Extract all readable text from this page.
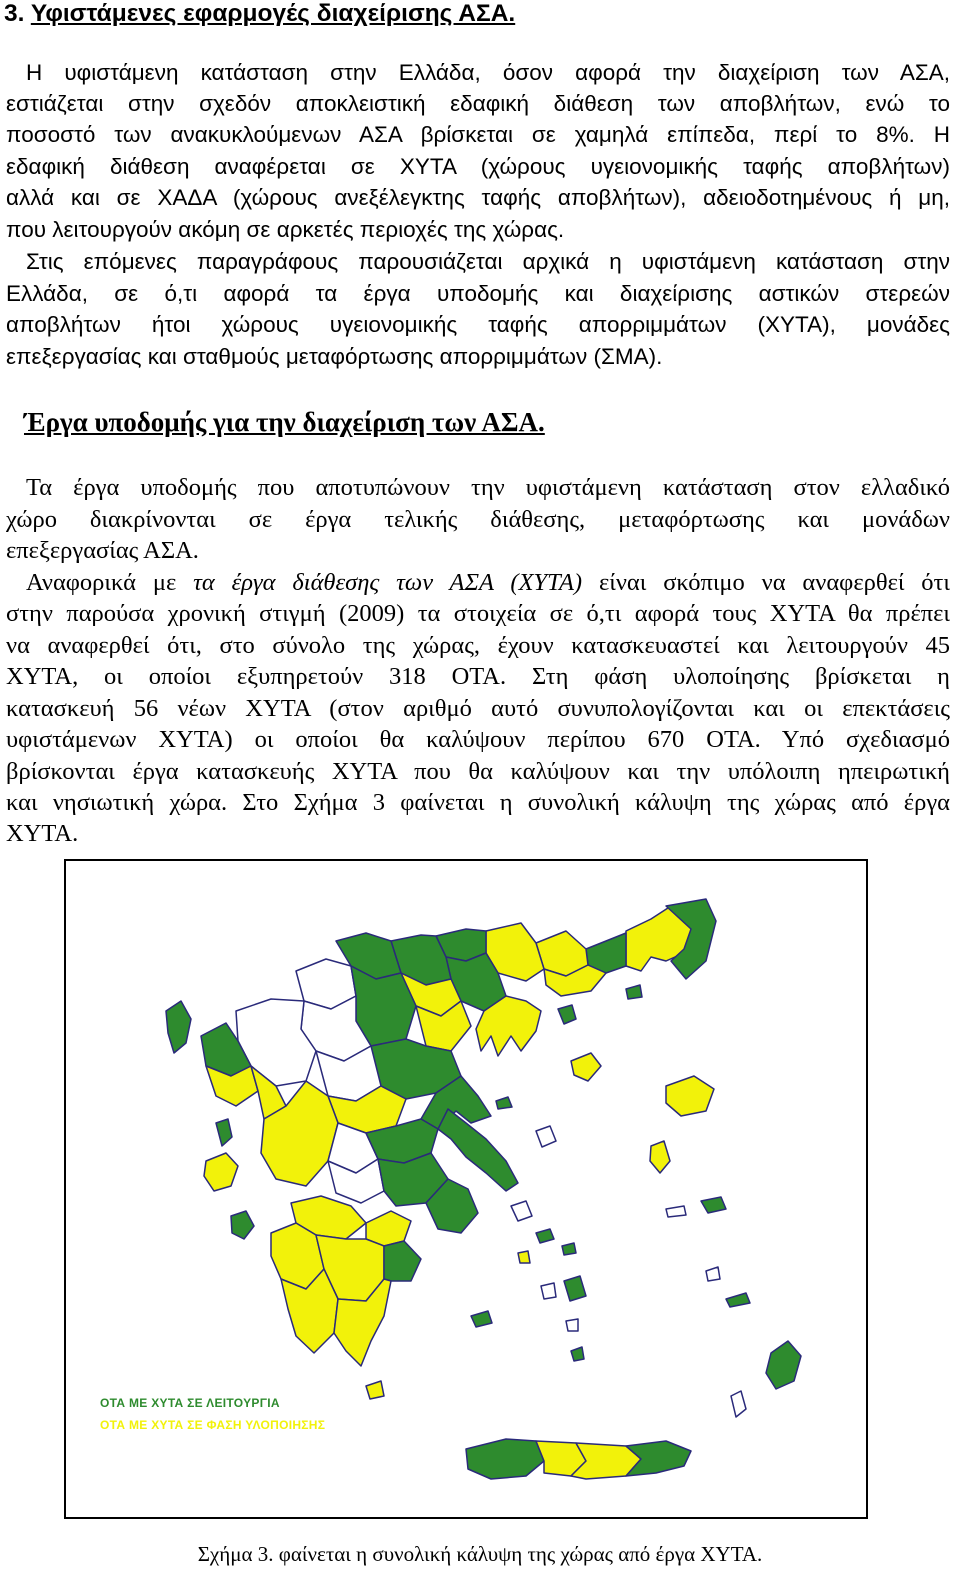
3. Υφιστάμενες εφαρμογές διαχείρισης ΑΣΑ.
Η υφιστάμενη κατάσταση στην Ελλάδα, όσον αφορά την διαχείριση των ΑΣΑ,
εστιάζεται στην σχεδόν αποκλειστική εδαφική διάθεση των αποβλήτων, ενώ το
ποσοστό των ανακυκλούμενων ΑΣΑ βρίσκεται σε χαμηλά επίπεδα, περί το 8%. Η
εδαφική διάθεση αναφέρεται σε ΧΥΤΑ (χώρους υγειονομικής ταφής αποβλήτων)
αλλά και σε ΧΑΔΑ (χώρους ανεξέλεγκτης ταφής αποβλήτων), αδειοδοτημένους ή μη,
που λειτουργούν ακόμη σε αρκετές περιοχές της χώρας.
Στις επόμενες παραγράφους παρουσιάζεται αρχικά η υφιστάμενη κατάσταση στην
Ελλάδα, σε ό,τι αφορά τα έργα υποδομής και διαχείρισης αστικών στερεών
αποβλήτων ήτοι χώρους υγειονομικής ταφής απορριμμάτων (ΧΥΤΑ), μονάδες
επεξεργασίας και σταθμούς μεταφόρτωσης απορριμμάτων (ΣΜΑ).
Έργα υποδομής για την διαχείριση των ΑΣΑ.
Τα έργα υποδομής που αποτυπώνουν την υφιστάμενη κατάσταση στον ελλαδικό
χώρο διακρίνονται σε έργα τελικής διάθεσης, μεταφόρτωσης και μονάδων
επεξεργασίας ΑΣΑ.
Αναφορικά με τα έργα διάθεσης των ΑΣΑ (ΧΥΤΑ) είναι σκόπιμο να αναφερθεί ότι
στην παρούσα χρονική στιγμή (2009) τα στοιχεία σε ό,τι αφορά τους ΧΥΤΑ θα πρέπει
να αναφερθεί ότι, στο σύνολο της χώρας, έχουν κατασκευαστεί και λειτουργούν 45
ΧΥΤΑ, οι οποίοι εξυπηρετούν 318 ΟΤΑ. Στη φάση υλοποίησης βρίσκεται η
κατασκευή 56 νέων ΧΥΤΑ (στον αριθμό αυτό συνυπολογίζονται και οι επεκτάσεις
υφιστάμενων ΧΥΤΑ) οι οποίοι θα καλύψουν περίπου 670 ΟΤΑ. Υπό σχεδιασμό
βρίσκονται έργα κατασκευής ΧΥΤΑ που θα καλύψουν και την υπόλοιπη ηπειρωτική
και νησιωτική χώρα. Στο Σχήμα 3 φαίνεται η συνολική κάλυψη της χώρας από έργα
ΧΥΤΑ.
ΟΤΑ ΜΕ ΧΥΤΑ ΣΕ ΛΕΙΤΟΥΡΓΙΑ
ΟΤΑ ΜΕ ΧΥΤΑ ΣΕ ΦΑΣΗ ΥΛΟΠΟΙΗΣΗΣ
Σχήμα 3. φαίνεται η συνολική κάλυψη της χώρας από έργα ΧΥΤΑ.
